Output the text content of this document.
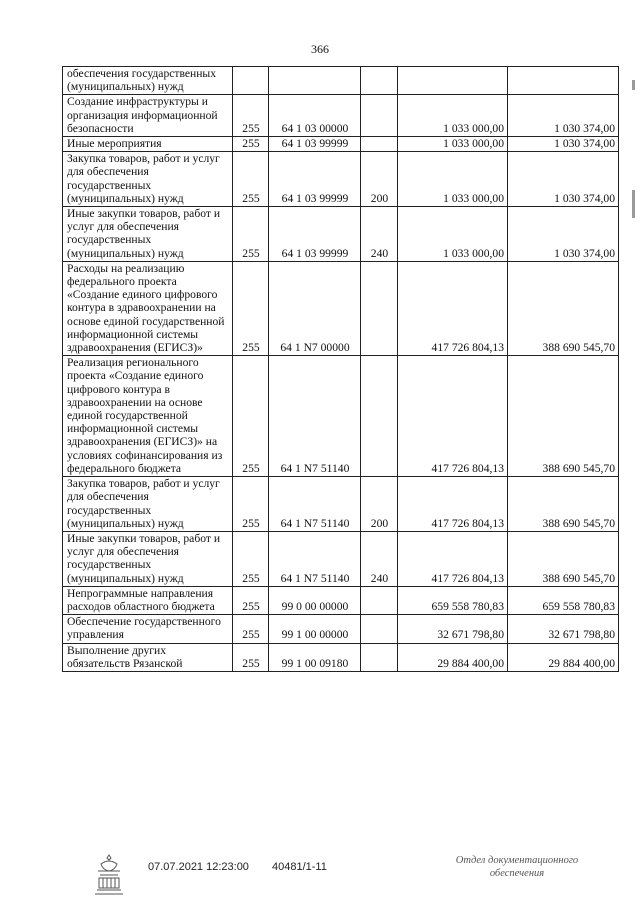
366
обеспечения государственных (муниципальных) нужд					
Создание инфраструктуры и организация информационной безопасности	255	64 1 03 00000		1 033 000,00	1 030 374,00
Иные мероприятия	255	64 1 03 99999		1 033 000,00	1 030 374,00
Закупка товаров, работ и услуг для обеспечения государственных (муниципальных) нужд	255	64 1 03 99999	200	1 033 000,00	1 030 374,00
Иные закупки товаров, работ и услуг для обеспечения государственных (муниципальных) нужд	255	64 1 03 99999	240	1 033 000,00	1 030 374,00
Расходы на реализацию федерального проекта «Создание единого цифрового контура в здравоохранении на основе единой государственной информационной системы здравоохранения (ЕГИСЗ)»	255	64 1 N7 00000		417 726 804,13	388 690 545,70
Реализация регионального проекта «Создание единого цифрового контура в здравоохранении на основе единой государственной информационной системы здравоохранения (ЕГИСЗ)» на условиях софинансирования из федерального бюджета	255	64 1 N7 51140		417 726 804,13	388 690 545,70
Закупка товаров, работ и услуг для обеспечения государственных (муниципальных) нужд	255	64 1 N7 51140	200	417 726 804,13	388 690 545,70
Иные закупки товаров, работ и услуг для обеспечения государственных (муниципальных) нужд	255	64 1 N7 51140	240	417 726 804,13	388 690 545,70
Непрограммные направления расходов областного бюджета	255	99 0 00 00000		659 558 780,83	659 558 780,83
Обеспечение государственного управления	255	99 1 00 00000		32 671 798,80	32 671 798,80
Выполнение других обязательств Рязанской	255	99 1 00 09180		29 884 400,00	29 884 400,00
07.07.2021 12:23:00 40481/1-11
Отдел документационного обеспечения
